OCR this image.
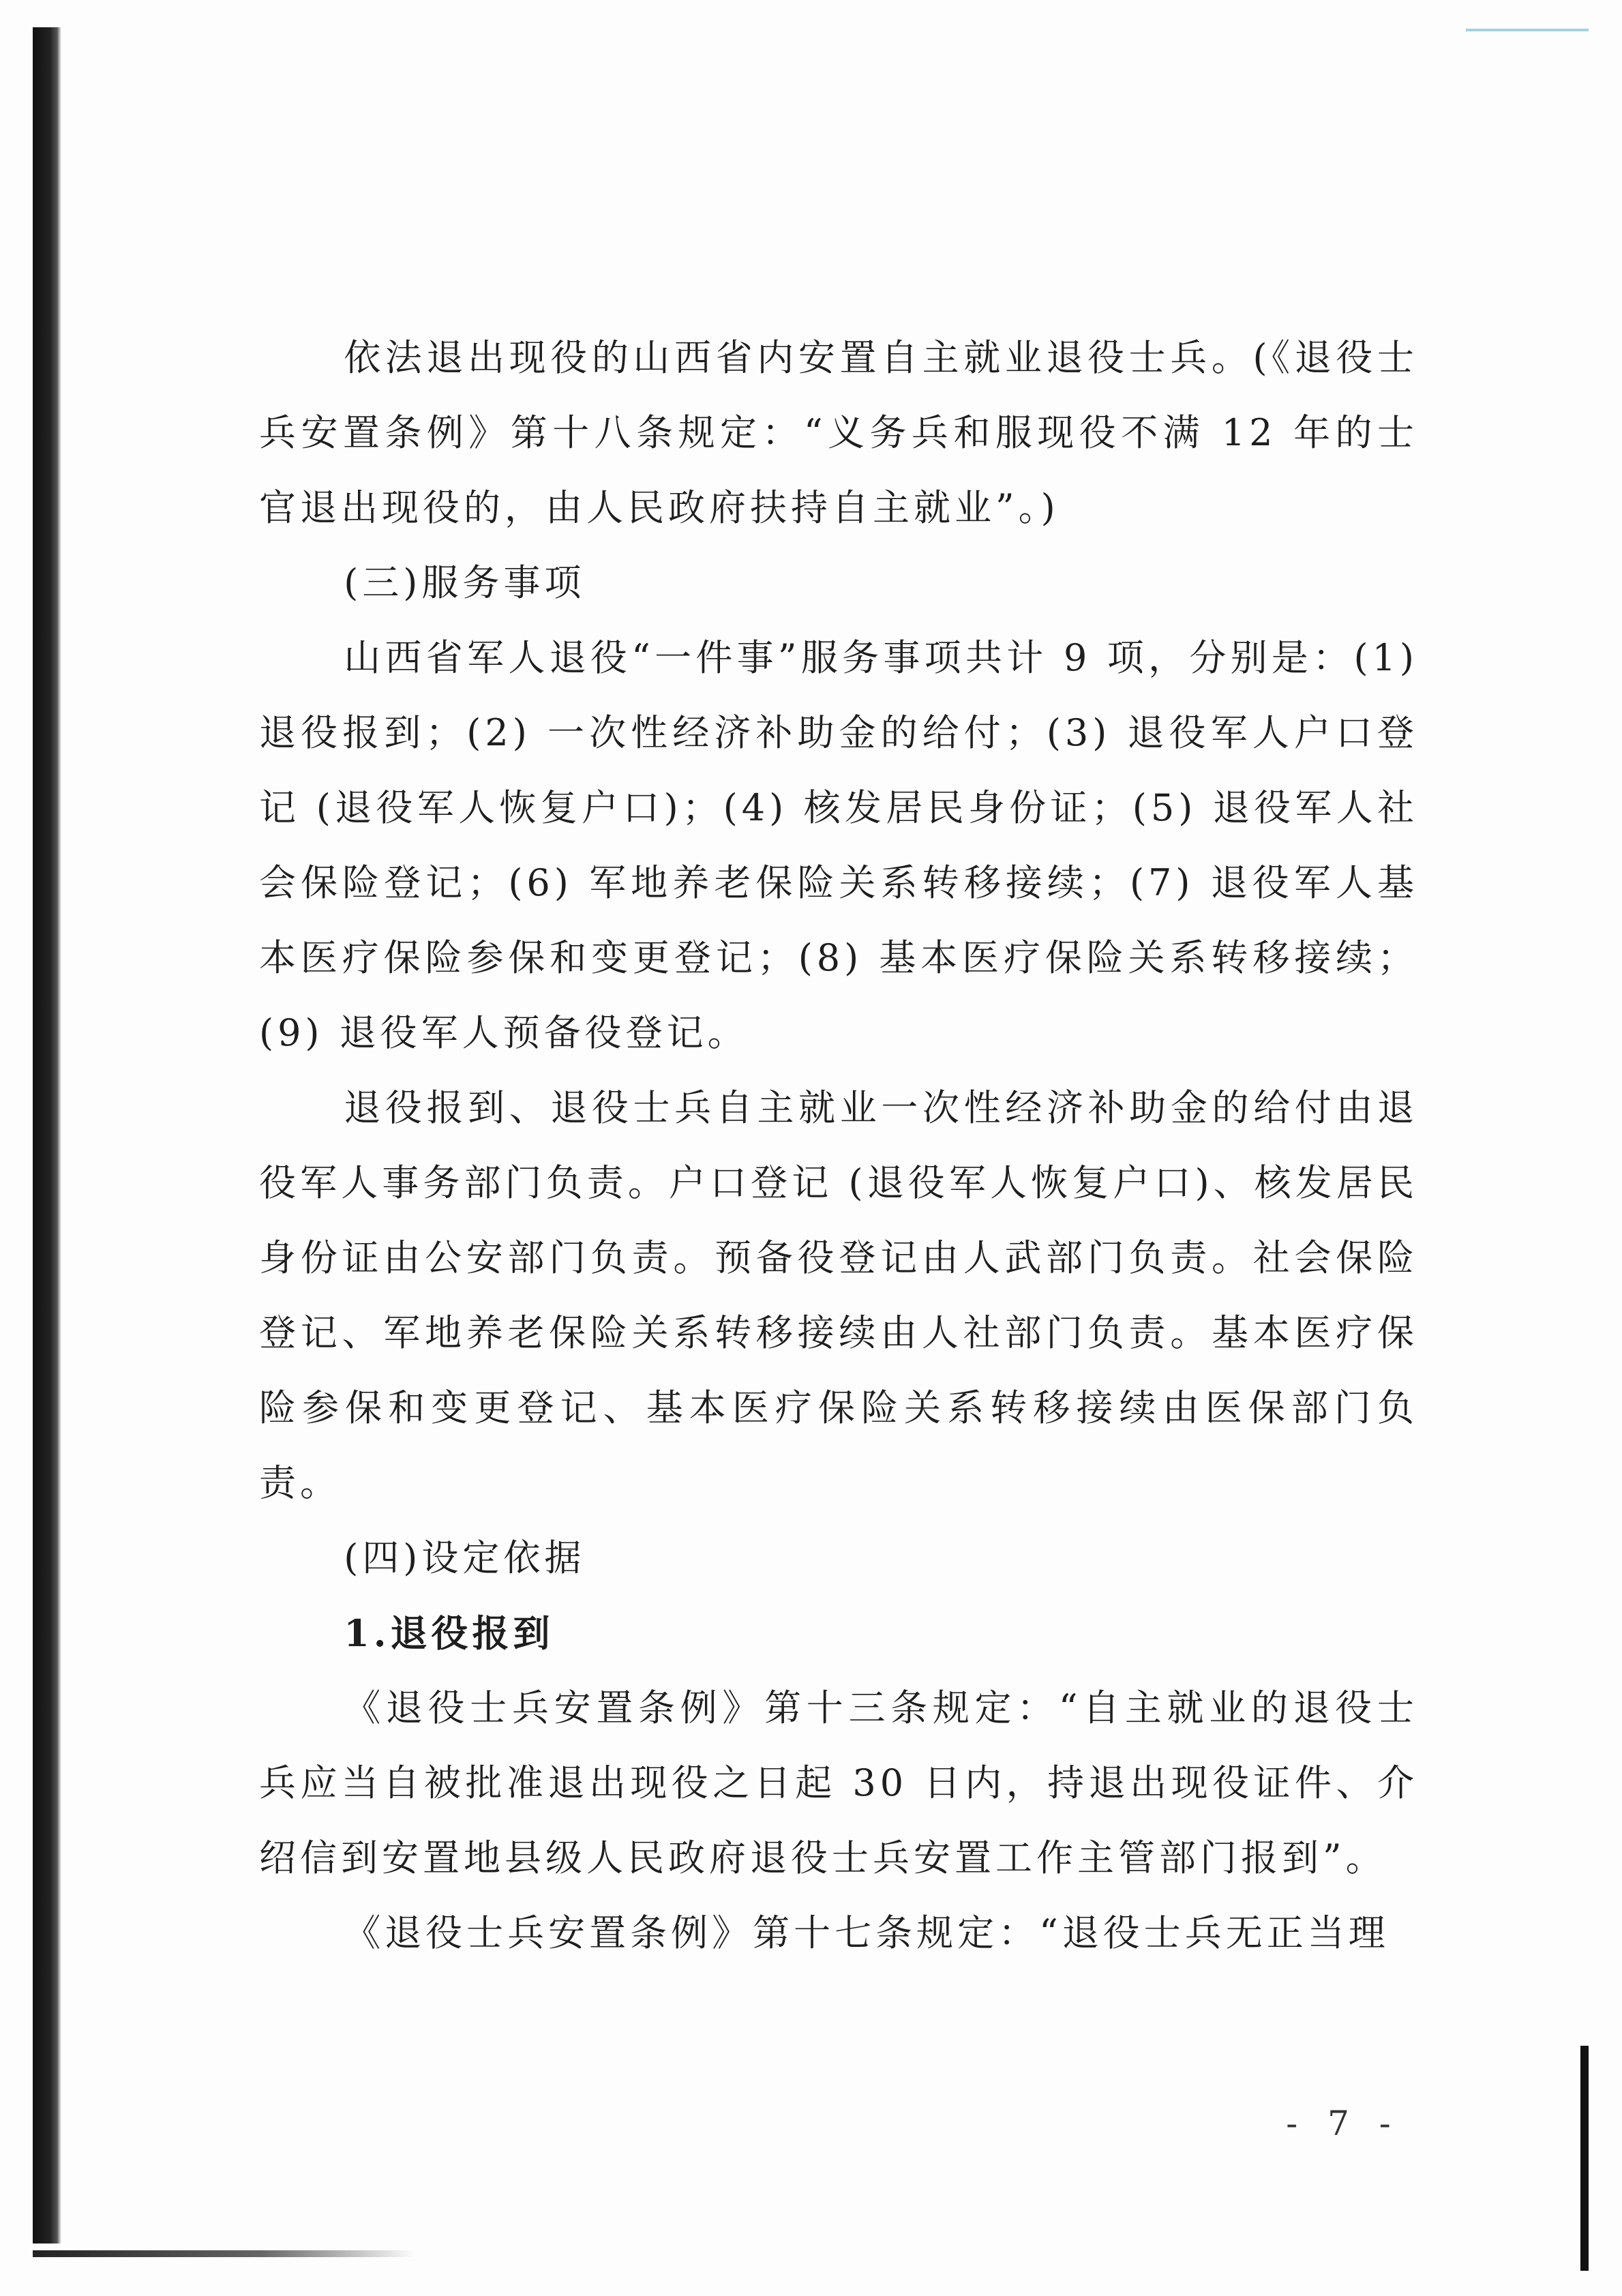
依法退出现役的山西省内安置自主就业退役士兵。(《退役士兵安置条例》第十八条规定：“义务兵和服现役不满 12 年的士官退出现役的，由人民政府扶持自主就业”。)

(三)服务事项

山西省军人退役“一件事”服务事项共计 9 项，分别是：(1) 退役报到；(2) 一次性经济补助金的给付；(3) 退役军人户口登记 (退役军人恢复户口)；(4) 核发居民身份证；(5) 退役军人社会保险登记；(6) 军地养老保险关系转移接续；(7) 退役军人基本医疗保险参保和变更登记；(8) 基本医疗保险关系转移接续；(9) 退役军人预备役登记。

退役报到、退役士兵自主就业一次性经济补助金的给付由退役军人事务部门负责。户口登记 (退役军人恢复户口)、核发居民身份证由公安部门负责。预备役登记由人武部门负责。社会保险登记、军地养老保险关系转移接续由人社部门负责。基本医疗保险参保和变更登记、基本医疗保险关系转移接续由医保部门负责。

(四)设定依据

1.退役报到

《退役士兵安置条例》第十三条规定：“自主就业的退役士兵应当自被批准退出现役之日起 30 日内，持退出现役证件、介绍信到安置地县级人民政府退役士兵安置工作主管部门报到”。

《退役士兵安置条例》第十七条规定：“退役士兵无正当理

- 7 -
